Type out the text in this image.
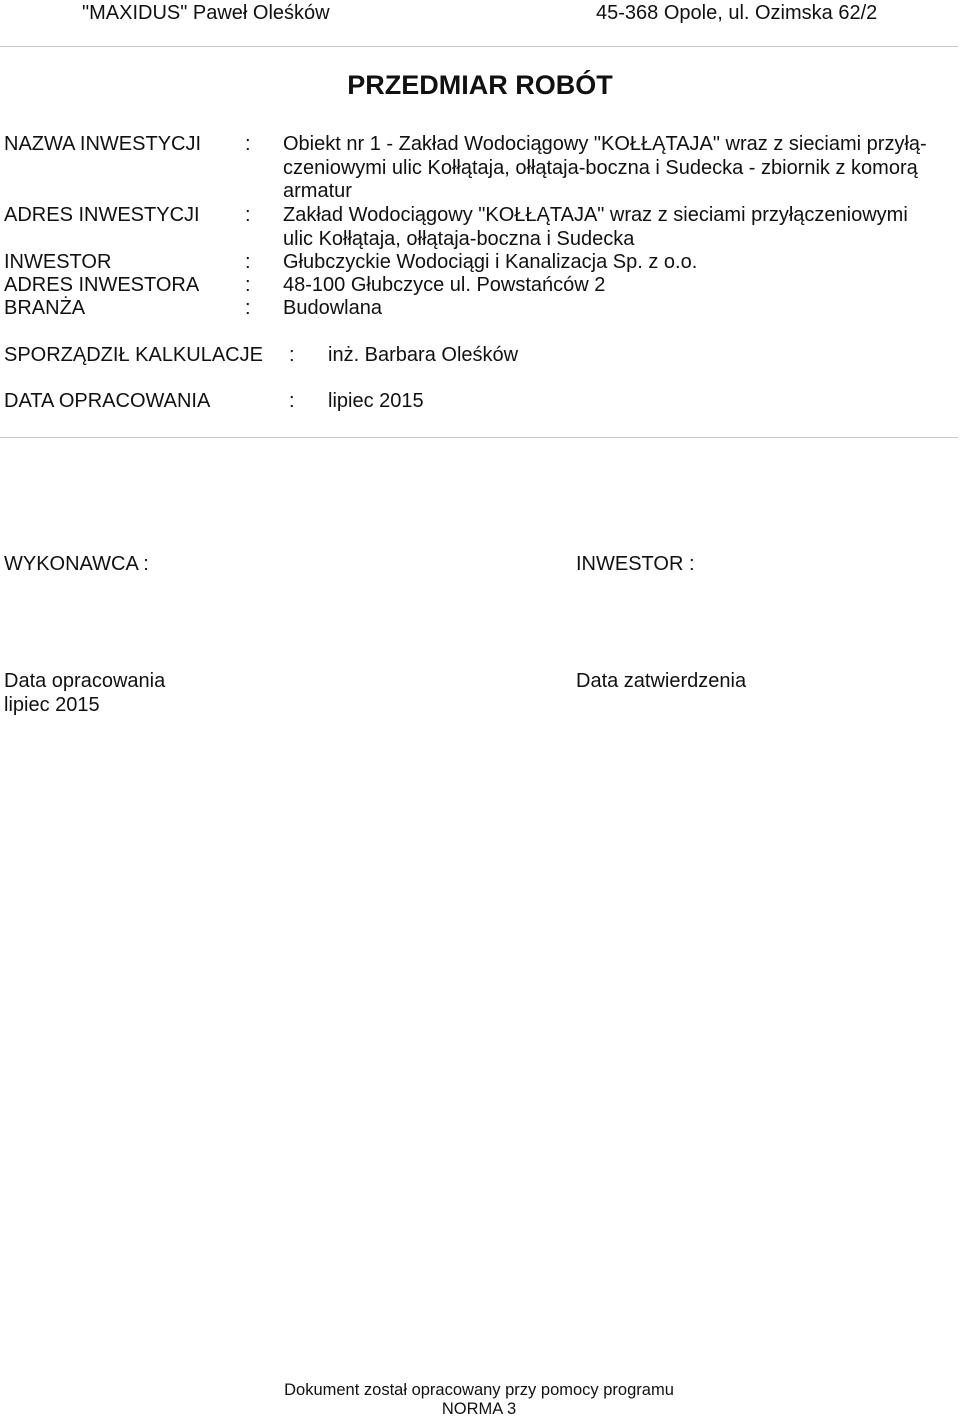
"MAXIDUS" Paweł Oleśków	45-368 Opole, ul. Ozimska 62/2
PRZEDMIAR ROBÓT
NAZWA INWESTYCJI : Obiekt nr 1 - Zakład Wodociągowy "KOŁŁĄTAJA" wraz z sieciami przyłą-
czeniowymi ulic Kołłątaja, ołłątaja-boczna i Sudecka - zbiornik z komorą
armatur
ADRES INWESTYCJI : Zakład Wodociągowy "KOŁŁĄTAJA" wraz z sieciami przyłączeniowymi
ulic Kołłątaja, ołłątaja-boczna i Sudecka
INWESTOR	: Głubczyckie Wodociągi i Kanalizacja Sp. z o.o.
ADRES INWESTORA : 48-100 Głubczyce ul. Powstańców 2
BRANŻA	: Budowlana
SPORZĄDZIŁ KALKULACJE : inż. Barbara Oleśków
DATA OPRACOWANIA	: lipiec 2015
WYKONAWCA :	INWESTOR :
Data opracowania
lipiec 2015
Data zatwierdzenia
Dokument został opracowany przy pomocy programu
NORMA 3
